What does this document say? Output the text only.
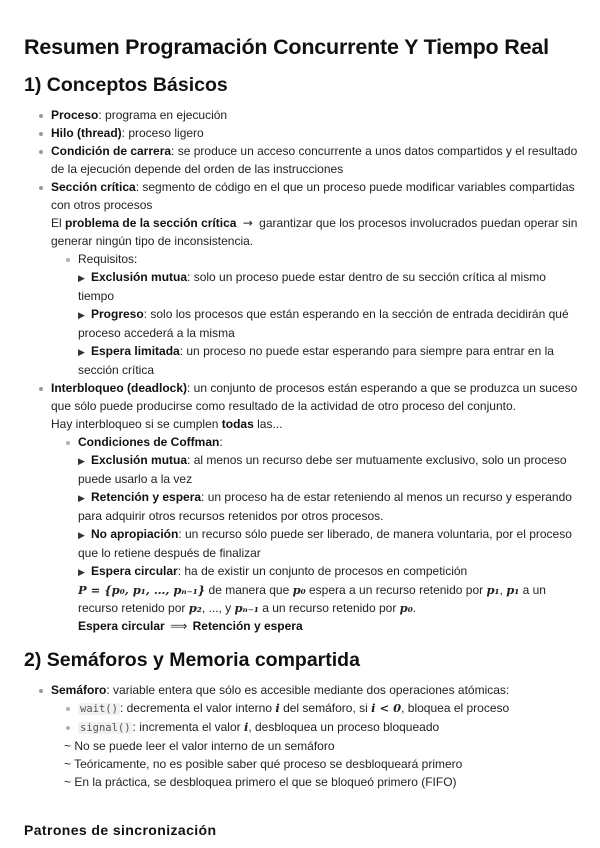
Resumen Programación Concurrente Y Tiempo Real
1) Conceptos Básicos
Proceso: programa en ejecución
Hilo (thread): proceso ligero
Condición de carrera: se produce un acceso concurrente a unos datos compartidos y el resultado de la ejecución depende del orden de las instrucciones
Sección crítica: segmento de código en el que un proceso puede modificar variables compartidas con otros procesos
El problema de la sección crítica → garantizar que los procesos involucrados puedan operar sin generar ningún tipo de inconsistencia.
Requisitos:
▶ Exclusión mutua: solo un proceso puede estar dentro de su sección crítica al mismo tiempo
▶ Progreso: solo los procesos que están esperando en la sección de entrada decidirán qué proceso accederá a la misma
▶ Espera limitada: un proceso no puede estar esperando para siempre para entrar en la sección crítica
Interbloqueo (deadlock): un conjunto de procesos están esperando a que se produzca un suceso que sólo puede producirse como resultado de la actividad de otro proceso del conjunto.
Hay interbloqueo si se cumplen todas las...
Condiciones de Coffman:
▶ Exclusión mutua: al menos un recurso debe ser mutuamente exclusivo, solo un proceso puede usarlo a la vez
▶ Retención y espera: un proceso ha de estar reteniendo al menos un recurso y esperando para adquirir otros recursos retenidos por otros procesos.
▶ No apropiación: un recurso sólo puede ser liberado, de manera voluntaria, por el proceso que lo retiene después de finalizar
▶ Espera circular: ha de existir un conjunto de procesos en competición
P = {p₀, p₁, …, pₙ₋₁} de manera que p₀ espera a un recurso retenido por p₁, p₁ a un recurso retenido por p₂, ..., y pₙ₋₁ a un recurso retenido por p₀.
Espera circular ⟹ Retención y espera
2) Semáforos y Memoria compartida
Semáforo: variable entera que sólo es accesible mediante dos operaciones atómicas:
wait() : decrementa el valor interno i del semáforo, si i < 0, bloquea el proceso
signal() : incrementa el valor i, desbloquea un proceso bloqueado
~ No se puede leer el valor interno de un semáforo
~ Teóricamente, no es posible saber qué proceso se desbloqueará primero
~ En la práctica, se desbloquea primero el que se bloqueó primero (FIFO)
Patrones de sincronización
